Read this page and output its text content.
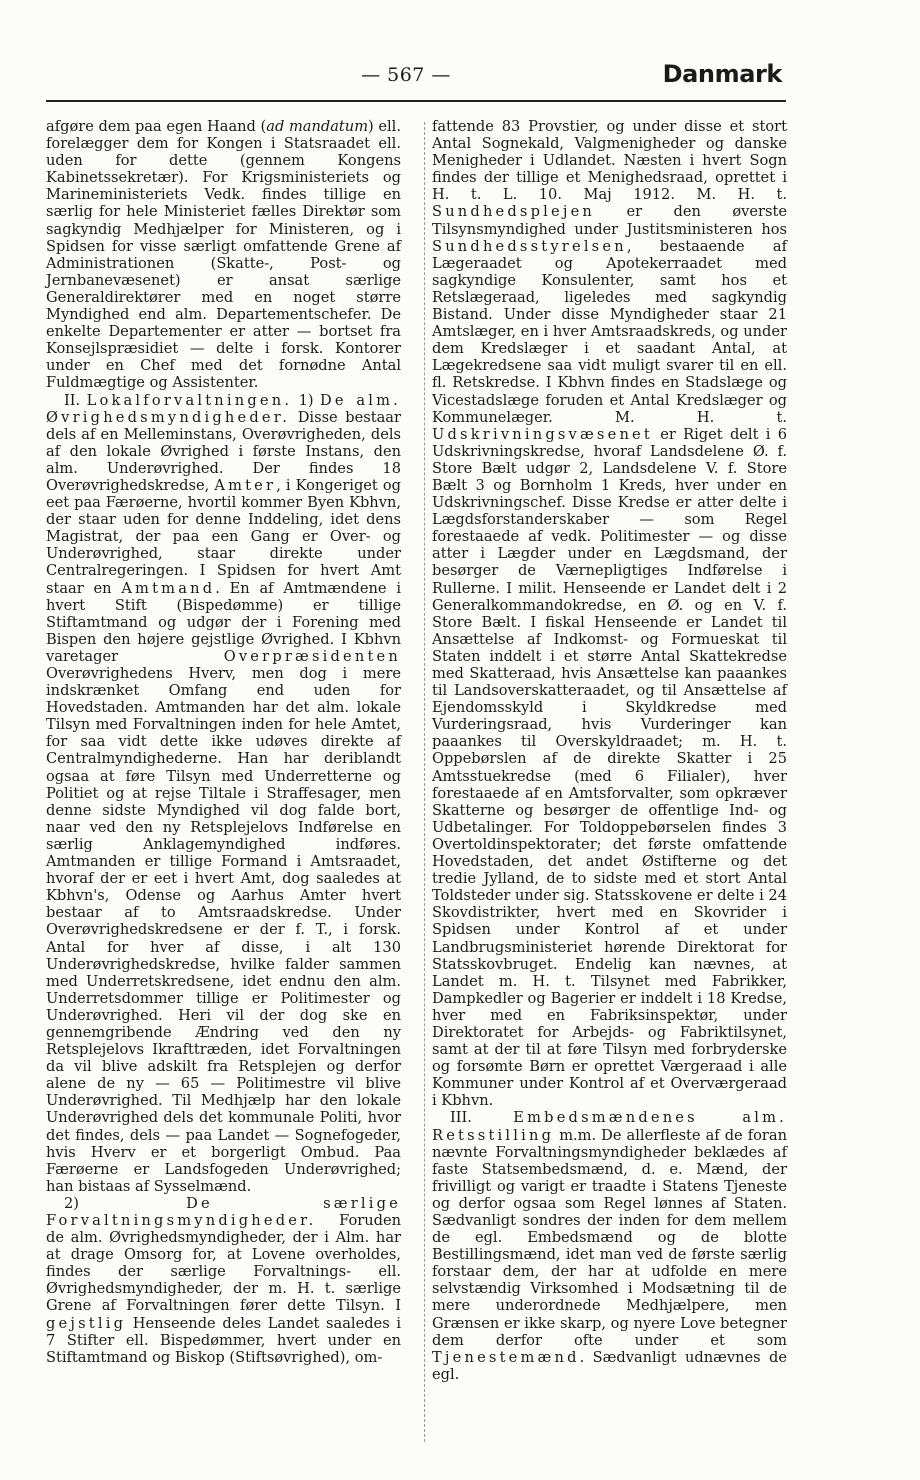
— 567 —	Danmark

afgøre dem paa egen Haand (ad mandatum) ell. forelægger dem for Kongen i Statsraadet ell. uden for dette (gennem Kongens Kabinetssekretær). For Krigsministeriets og Marineministeriets Vedk. findes tillige en særlig for hele Ministeriet fælles Direktør som sagkyndig Medhjælper for Ministeren, og i Spidsen for visse særligt omfattende Grene af Administrationen (Skatte-, Post- og Jernbanevæsenet) er ansat særlige Generaldirektører med en noget større Myndighed end alm. Departementschefer. De enkelte Departementer er atter — bortset fra Konsejlspræsidiet — delte i forsk. Kontorer under en Chef med det fornødne Antal Fuldmægtige og Assistenter.

II. Lokalforvaltningen. 1) De alm. Øvrighedsmyndigheder. Disse bestaar dels af en Melleminstans, Overøvrigheden, dels af den lokale Øvrighed i første Instans, den alm. Underøvrighed. Der findes 18 Overøvrighedskredse, Amter, i Kongeriget og eet paa Færøerne, hvortil kommer Byen Kbhvn, der staar uden for denne Inddeling, idet dens Magistrat, der paa een Gang er Over- og Underøvrighed, staar direkte under Centralregeringen. I Spidsen for hvert Amt staar en Amtmand. En af Amtmændene i hvert Stift (Bispedømme) er tillige Stiftamtmand og udgør der i Forening med Bispen den højere gejstlige Øvrighed. I Kbhvn varetager Overpræsidenten Overøvrighedens Hverv, men dog i mere indskrænket Omfang end uden for Hovedstaden. Amtmanden har det alm. lokale Tilsyn med Forvaltningen inden for hele Amtet, for saa vidt dette ikke udøves direkte af Centralmyndighederne. Han har deriblandt ogsaa at føre Tilsyn med Underretterne og Politiet og at rejse Tiltale i Straffesager, men denne sidste Myndighed vil dog falde bort, naar ved den ny Retsplejelovs Indførelse en særlig Anklagemyndighed indføres. Amtmanden er tillige Formand i Amtsraadet, hvoraf der er eet i hvert Amt, dog saaledes at Kbhvn's, Odense og Aarhus Amter hvert bestaar af to Amtsraadskredse. Under Overøvrighedskredsene er der f. T., i forsk. Antal for hver af disse, i alt 130 Underøvrighedskredse, hvilke falder sammen med Underretskredsene, idet endnu den alm. Underretsdommer tillige er Politimester og Underøvrighed. Heri vil der dog ske en gennemgribende Ændring ved den ny Retsplejelovs Ikrafttræden, idet Forvaltningen da vil blive adskilt fra Retsplejen og derfor alene de ny — 65 — Politimestre vil blive Underøvrighed. Til Medhjælp har den lokale Underøvrighed dels det kommunale Politi, hvor det findes, dels — paa Landet — Sognefogeder, hvis Hverv er et borgerligt Ombud. Paa Færøerne er Landsfogeden Underøvrighed; han bistaas af Sysselmænd.

2) De særlige Forvaltningsmyndigheder. Foruden de alm. Øvrighedsmyndigheder, der i Alm. har at drage Omsorg for, at Lovene overholdes, findes der særlige Forvaltnings- ell. Øvrighedsmyndigheder, der m. H. t. særlige Grene af Forvaltningen fører dette Tilsyn. I gejstlig Henseende deles Landet saaledes i 7 Stifter ell. Bispedømmer, hvert under en Stiftamtmand og Biskop (Stiftsøvrighed), om-

fattende 83 Provstier, og under disse et stort Antal Sognekald, Valgmenigheder og danske Menigheder i Udlandet. Næsten i hvert Sogn findes der tillige et Menighedsraad, oprettet i H. t. L. 10. Maj 1912. M. H. t. Sundhedsplejen er den øverste Tilsynsmyndighed under Justitsministeren hos Sundhedsstyrelsen, bestaaende af Lægeraadet og Apotekerraadet med sagkyndige Konsulenter, samt hos et Retslægeraad, ligeledes med sagkyndig Bistand. Under disse Myndigheder staar 21 Amtslæger, en i hver Amtsraadskreds, og under dem Kredslæger i et saadant Antal, at Lægekredsene saa vidt muligt svarer til en ell. fl. Retskredse. I Kbhvn findes en Stadslæge og Vicestadslæge foruden et Antal Kredslæger og Kommunelæger. M. H. t. Udskrivningsvæsenet er Riget delt i 6 Udskrivningskredse, hvoraf Landsdelene Ø. f. Store Bælt udgør 2, Landsdelene V. f. Store Bælt 3 og Bornholm 1 Kreds, hver under en Udskrivningschef. Disse Kredse er atter delte i Lægdsforstanderskaber — som Regel forestaaede af vedk. Politimester — og disse atter i Lægder under en Lægdsmand, der besørger de Værnepligtiges Indførelse i Rullerne. I milit. Henseende er Landet delt i 2 Generalkommandokredse, en Ø. og en V. f. Store Bælt. I fiskal Henseende er Landet til Ansættelse af Indkomst- og Formueskat til Staten inddelt i et større Antal Skattekredse med Skatteraad, hvis Ansættelse kan paaankes til Landsoverskatteraadet, og til Ansættelse af Ejendomsskyld i Skyldkredse med Vurderingsraad, hvis Vurderinger kan paaankes til Overskyldraadet; m. H. t. Oppebørslen af de direkte Skatter i 25 Amtsstuekredse (med 6 Filialer), hver forestaaede af en Amtsforvalter, som opkræver Skatterne og besørger de offentlige Ind- og Udbetalinger. For Toldoppebørselen findes 3 Overtoldinspektorater; det første omfattende Hovedstaden, det andet Østifterne og det tredie Jylland, de to sidste med et stort Antal Toldsteder under sig. Statsskovene er delte i 24 Skovdistrikter, hvert med en Skovrider i Spidsen under Kontrol af et under Landbrugsministeriet hørende Direktorat for Statsskovbruget. Endelig kan nævnes, at Landet m. H. t. Tilsynet med Fabrikker, Dampkedler og Bagerier er inddelt i 18 Kredse, hver med en Fabriksinspektør, under Direktoratet for Arbejds- og Fabriktilsynet, samt at der til at føre Tilsyn med forbryderske og forsømte Børn er oprettet Værgeraad i alle Kommuner under Kontrol af et Overværgeraad i Kbhvn.

III. Embedsmændenes alm. Retsstilling m.m. De allerfleste af de foran nævnte Forvaltningsmyndigheder beklædes af faste Statsembedsmænd, d. e. Mænd, der frivilligt og varigt er traadte i Statens Tjeneste og derfor ogsaa som Regel lønnes af Staten. Sædvanligt sondres der inden for dem mellem de egl. Embedsmænd og de blotte Bestillingsmænd, idet man ved de første særlig forstaar dem, der har at udfolde en mere selvstændig Virksomhed i Modsætning til de mere underordnede Medhjælpere, men Grænsen er ikke skarp, og nyere Love betegner dem derfor ofte under et som Tjenestemænd. Sædvanligt udnævnes de egl.
